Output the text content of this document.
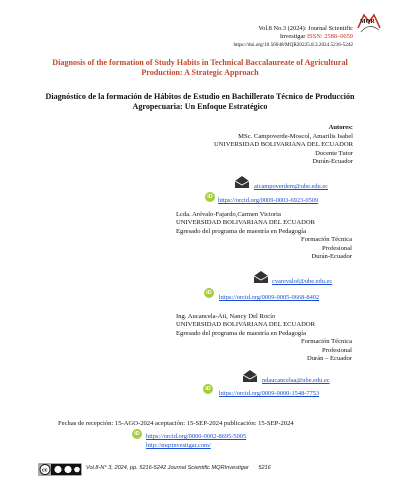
Vol.8 No.3 (2024): Journal Scientific
Investigar ISSN: 2588–0659
https://doi.org/10.56048/MQR20225.8.3.2024.5216-5242
MQR
Diagnosis of the formation of Study Habits in Technical Baccalaureate of Agricultural Production: A Strategic Approach
Diagnóstico de la formación de Hábitos de Estudio en Bachillerato Técnico de Producción Agropecuaria: Un Enfoque Estratégico
Autores:
MSc. Campoverde-Moscol, Amarilis Isabel
UNIVERSIDAD BOLIVARIANA DEL ECUADOR
Docente Tutor
Durán-Ecuador
aicampoverdem@ube.edu.ec
iD https://orcid.org/0009-0003-6923-0509
Lcda. Arévalo-Fajardo,Carmen Victoria
UNIVERSIDAD BOLIVARIANA DEL ECUADOR
Egresado del programa de maestría en Pedagogía
Formación Técnica
Profesional
Durán-Ecuador
cvarevalof@ube.edu.ec
iD
https://orcid.org/0009-0005-0668-8402
Ing. Aucancela-Ati, Nancy Del Rocío
UNIVERSIDAD BOLIVARIANA DEL ECUADOR
Egresado del programa de maestría en Pedagogía
Formación Técnica
Profesional
Durán – Ecuador
ndaucancelaa@ube.edu.ec
iD
https://orcid.org/0009-0000-1548-7753
Fechas de recepción: 15-AGO-2024 aceptación: 15-SEP-2024 publicación: 15-SEP-2024
iD https://orcid.org/0000-0002-8695-5005
http://mqrinvestigar.com/
cc	Vol.8-N° 3, 2024, pp. 5216-5242 Journal Scientific MQRInvestigar 5216
